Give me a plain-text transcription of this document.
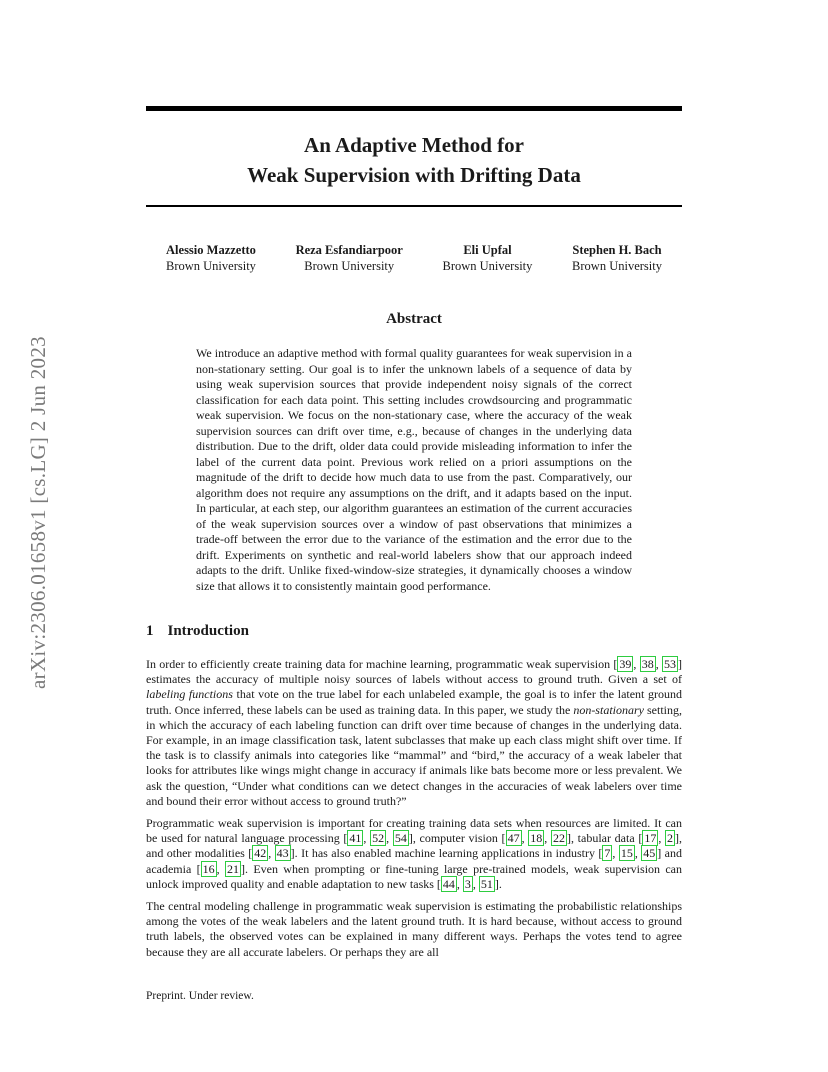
arXiv:2306.01658v1 [cs.LG] 2 Jun 2023
An Adaptive Method for
Weak Supervision with Drifting Data
Alessio Mazzetto
Brown University
Reza Esfandiarpoor
Brown University
Eli Upfal
Brown University
Stephen H. Bach
Brown University
Abstract

We introduce an adaptive method with formal quality guarantees for weak supervision in a non-stationary setting. Our goal is to infer the unknown labels of a sequence of data by using weak supervision sources that provide independent noisy signals of the correct classification for each data point. This setting includes crowdsourcing and programmatic weak supervision. We focus on the non-stationary case, where the accuracy of the weak supervision sources can drift over time, e.g., because of changes in the underlying data distribution. Due to the drift, older data could provide misleading information to infer the label of the current data point. Previous work relied on a priori assumptions on the magnitude of the drift to decide how much data to use from the past. Comparatively, our algorithm does not require any assumptions on the drift, and it adapts based on the input. In particular, at each step, our algorithm guarantees an estimation of the current accuracies of the weak supervision sources over a window of past observations that minimizes a trade-off between the error due to the variance of the estimation and the error due to the drift. Experiments on synthetic and real-world labelers show that our approach indeed adapts to the drift. Unlike fixed-window-size strategies, it dynamically chooses a window size that allows it to consistently maintain good performance.

1 Introduction

In order to efficiently create training data for machine learning, programmatic weak supervision [ 39 , 38 , 53 ] estimates the accuracy of multiple noisy sources of labels without access to ground truth. Given a set of labeling functions that vote on the true label for each unlabeled example, the goal is to infer the latent ground truth. Once inferred, these labels can be used as training data. In this paper, we study the non-stationary setting, in which the accuracy of each labeling function can drift over time because of changes in the underlying data. For example, in an image classification task, latent subclasses that make up each class might shift over time. If the task is to classify animals into categories like “mammal” and “bird,” the accuracy of a weak labeler that looks for attributes like wings might change in accuracy if animals like bats become more or less prevalent. We ask the question, “Under what conditions can we detect changes in the accuracies of weak labelers over time and bound their error without access to ground truth?”

Programmatic weak supervision is important for creating training data sets when resources are limited. It can be used for natural language processing [ 41 , 52 , 54 ], computer vision [ 47 , 18 , 22 ], tabular data [ 17 , 2 ], and other modalities [ 42 , 43 ]. It has also enabled machine learning applications in industry [ 7 , 15 , 45 ] and academia [ 16 , 21 ]. Even when prompting or fine-tuning large pre-trained models, weak supervision can unlock improved quality and enable adaptation to new tasks [ 44 , 3 , 51 ].

The central modeling challenge in programmatic weak supervision is estimating the probabilistic relationships among the votes of the weak labelers and the latent ground truth. It is hard because, without access to ground truth labels, the observed votes can be explained in many different ways. Perhaps the votes tend to agree because they are all accurate labelers. Or perhaps they are all

Preprint. Under review.
